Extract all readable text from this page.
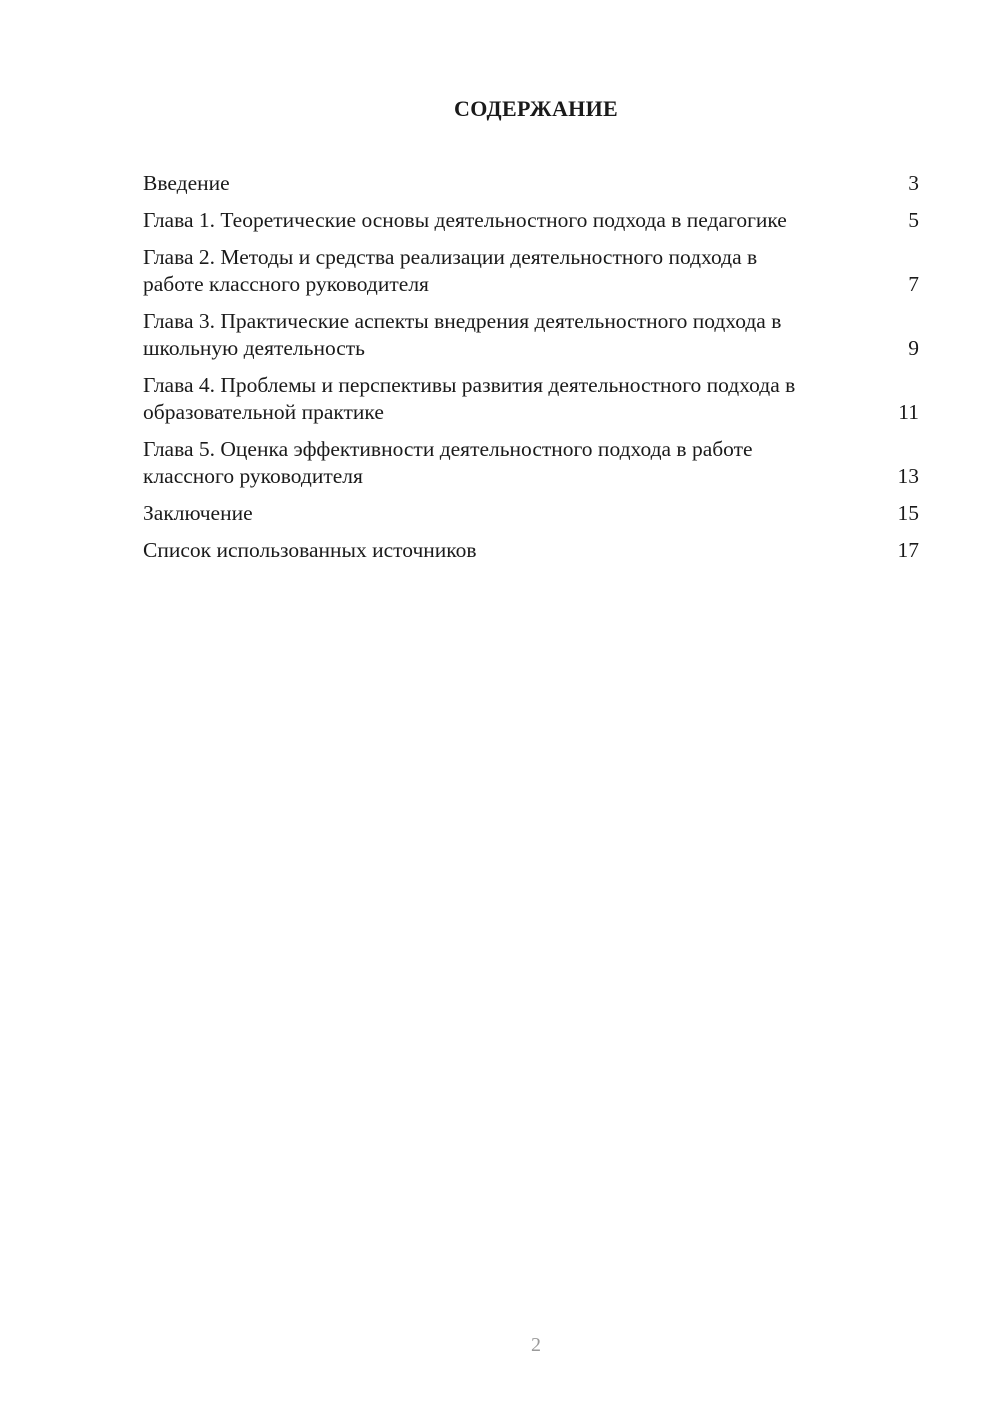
СОДЕРЖАНИЕ
Введение	3
Глава 1. Теоретические основы деятельностного подхода в педагогике	5
Глава 2. Методы и средства реализации деятельностного подхода в работе классного руководителя	7
Глава 3. Практические аспекты внедрения деятельностного подхода в школьную деятельность	9
Глава 4. Проблемы и перспективы развития деятельностного подхода в образовательной практике	11
Глава 5. Оценка эффективности деятельностного подхода в работе классного руководителя	13
Заключение	15
Список использованных источников	17
2
